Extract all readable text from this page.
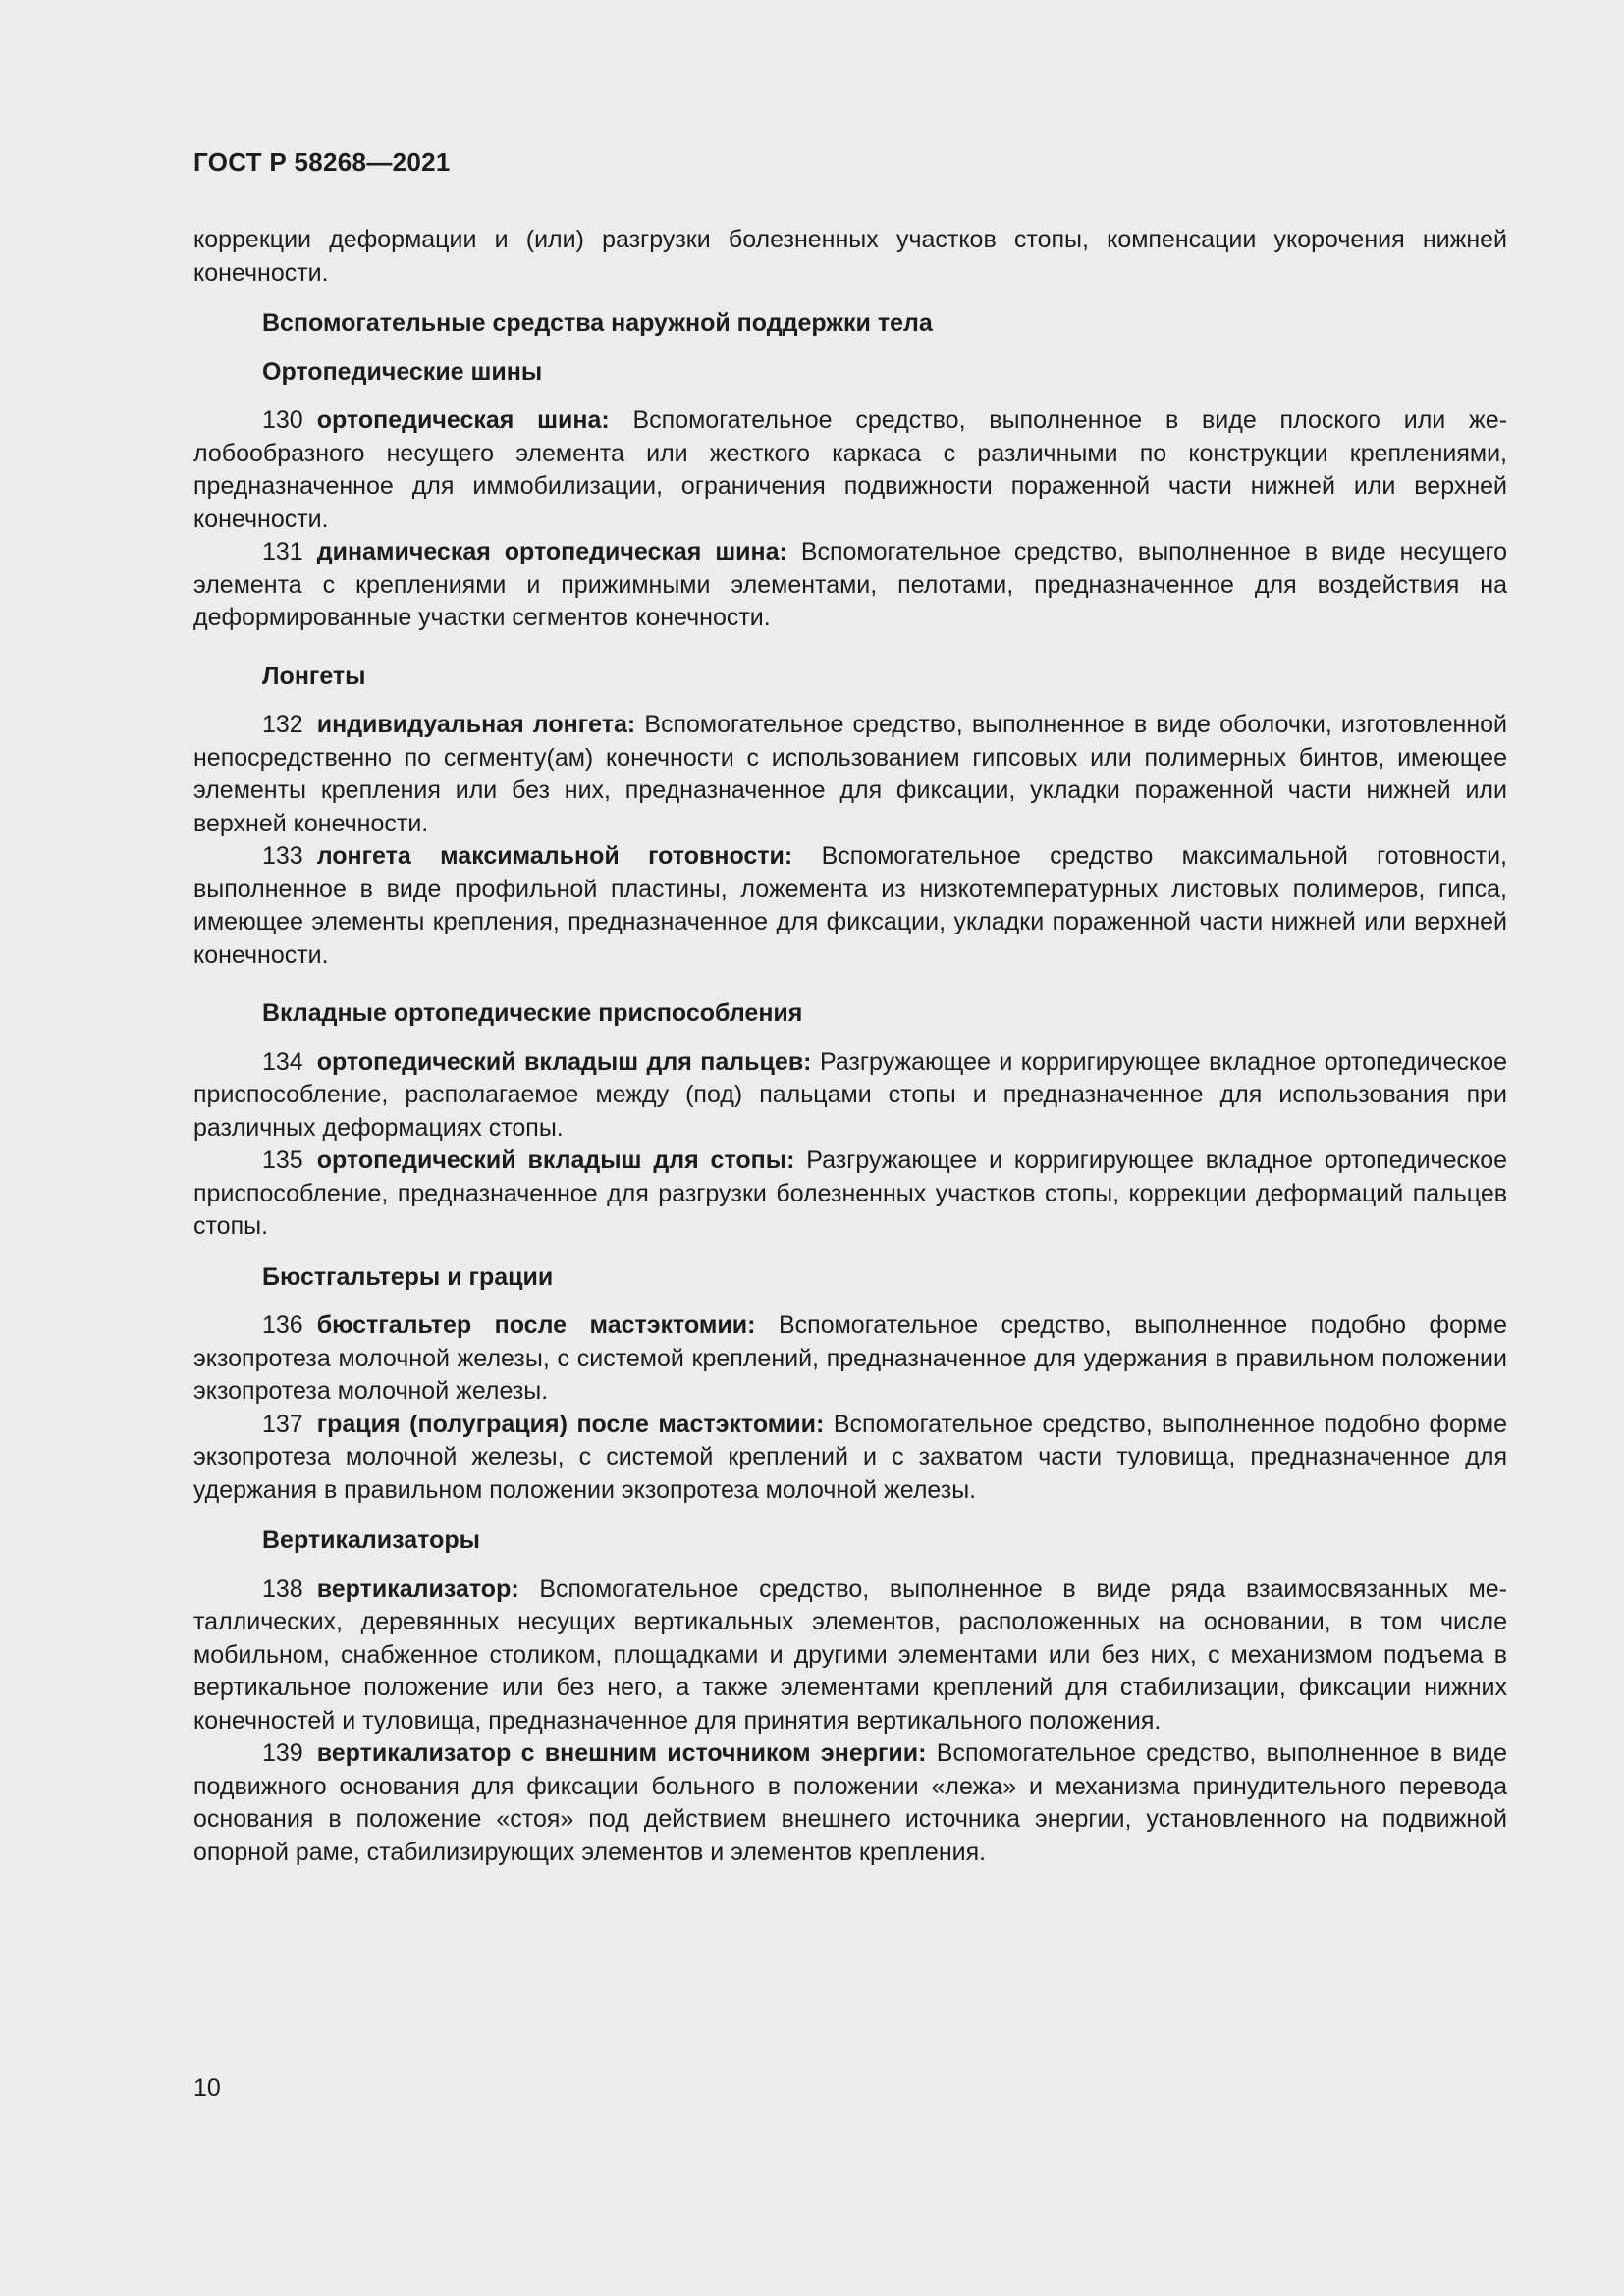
ГОСТ Р 58268—2021

коррекции деформации и (или) разгрузки болезненных участков стопы, компенсации укорочения нижней конечности.

Вспомогательные средства наружной поддержки тела

Ортопедические шины

130 ортопедическая шина: Вспомогательное средство, выполненное в виде плоского или желобообразного несущего элемента или жесткого каркаса с различными по конструкции креплениями, предназначенное для иммобилизации, ограничения подвижности пораженной части нижней или верхней конечности.

131 динамическая ортопедическая шина: Вспомогательное средство, выполненное в виде несущего элемента с креплениями и прижимными элементами, пелотами, предназначенное для воздействия на деформированные участки сегментов конечности.

Лонгеты

132 индивидуальная лонгета: Вспомогательное средство, выполненное в виде оболочки, изготовленной непосредственно по сегменту(ам) конечности с использованием гипсовых или полимерных бинтов, имеющее элементы крепления или без них, предназначенное для фиксации, укладки пораженной части нижней или верхней конечности.

133 лонгета максимальной готовности: Вспомогательное средство максимальной готовности, выполненное в виде профильной пластины, ложемента из низкотемпературных листовых полимеров, гипса, имеющее элементы крепления, предназначенное для фиксации, укладки пораженной части нижней или верхней конечности.

Вкладные ортопедические приспособления

134 ортопедический вкладыш для пальцев: Разгружающее и корригирующее вкладное ортопедическое приспособление, располагаемое между (под) пальцами стопы и предназначенное для использования при различных деформациях стопы.

135 ортопедический вкладыш для стопы: Разгружающее и корригирующее вкладное ортопедическое приспособление, предназначенное для разгрузки болезненных участков стопы, коррекции деформаций пальцев стопы.

Бюстгальтеры и грации

136 бюстгальтер после мастэктомии: Вспомогательное средство, выполненное подобно форме экзопротеза молочной железы, с системой креплений, предназначенное для удержания в правильном положении экзопротеза молочной железы.

137 грация (полуграция) после мастэктомии: Вспомогательное средство, выполненное подобно форме экзопротеза молочной железы, с системой креплений и с захватом части туловища, предназначенное для удержания в правильном положении экзопротеза молочной железы.

Вертикализаторы

138 вертикализатор: Вспомогательное средство, выполненное в виде ряда взаимосвязанных металлических, деревянных несущих вертикальных элементов, расположенных на основании, в том числе мобильном, снабженное столиком, площадками и другими элементами или без них, с механизмом подъема в вертикальное положение или без него, а также элементами креплений для стабилизации, фиксации нижних конечностей и туловища, предназначенное для принятия вертикального положения.

139 вертикализатор с внешним источником энергии: Вспомогательное средство, выполненное в виде подвижного основания для фиксации больного в положении «лежа» и механизма принудительного перевода основания в положение «стоя» под действием внешнего источника энергии, установленного на подвижной опорной раме, стабилизирующих элементов и элементов крепления.

10
